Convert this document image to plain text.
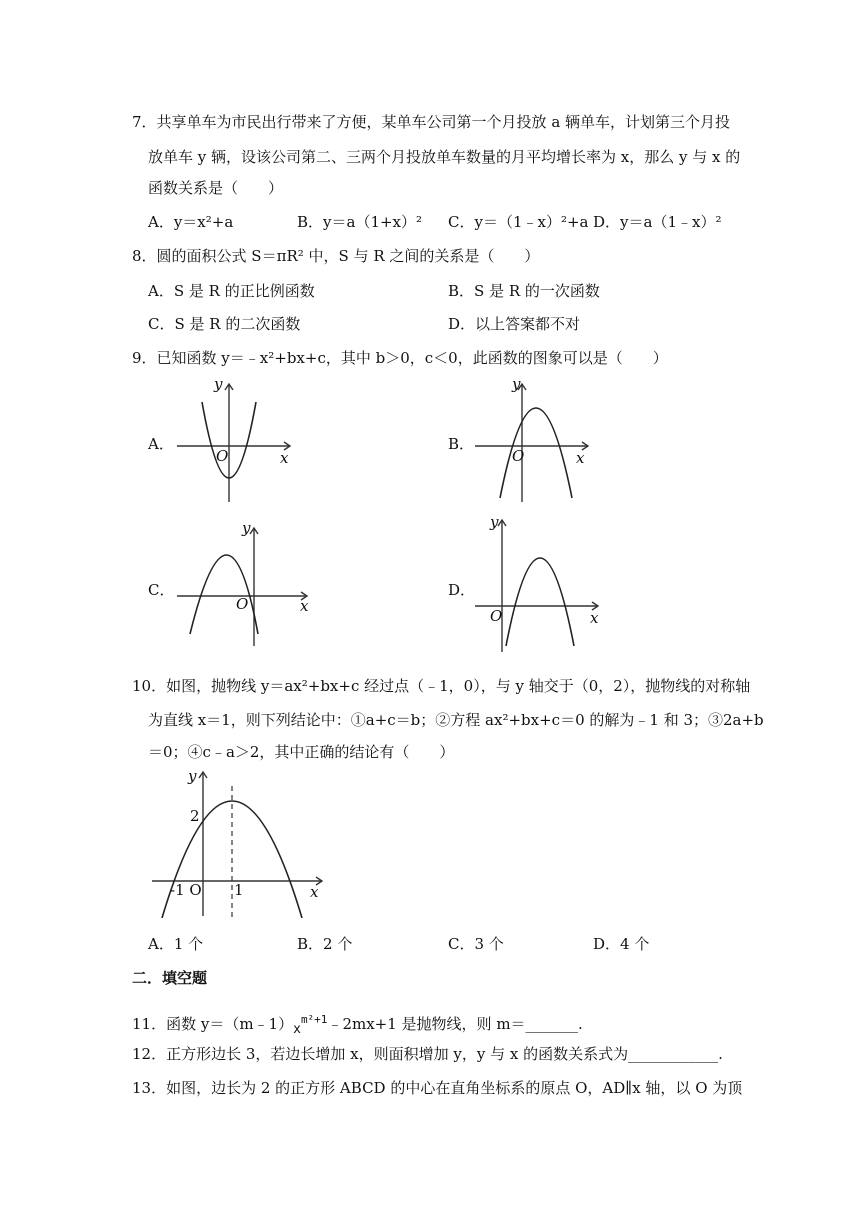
7．共享单车为市民出行带来了方便，某单车公司第一个月投放 a 辆单车，计划第三个月投
放单车 y 辆，设该公司第二、三两个月投放单车数量的月平均增长率为 x，那么 y 与 x 的
函数关系是（　　）
A．y＝x²+a	B．y＝a（1+x）² C．y＝（1﹣x）²+a D．y＝a（1﹣x）²
8．圆的面积公式 S＝πR² 中，S 与 R 之间的关系是（　　）
A．S 是 R 的正比例函数	B．S 是 R 的一次函数
C．S 是 R 的二次函数	D．以上答案都不对
9．已知函数 y＝﹣x²+bx+c，其中 b＞0，c＜0，此函数的图象可以是（　　）
A．
y
x
O
B．
y
x
O
C．
y
x
O
D．
y
x
O
10．如图，抛物线 y＝ax²+bx+c 经过点（﹣1，0），与 y 轴交于（0，2），抛物线的对称轴
为直线 x＝1，则下列结论中：①a+c＝b；②方程 ax²+bx+c＝0 的解为﹣1 和 3；③2a+b
＝0；④c﹣a＞2，其中正确的结论有（　　）
y
x
2
-1 O 1
A．1 个	B．2 个	C．3 个	D．4 个
二．填空题
11．函数 $y=(m﹣1)x^{m^2+1}﹣2mx+1$ 是抛物线，则 m＝_______.
12．正方形边长 3，若边长增加 x，则面积增加 y，y 与 x 的函数关系式为____________.
13．如图，边长为 2 的正方形 ABCD 的中心在直角坐标系的原点 O，AD∥x 轴，以 O 为顶
